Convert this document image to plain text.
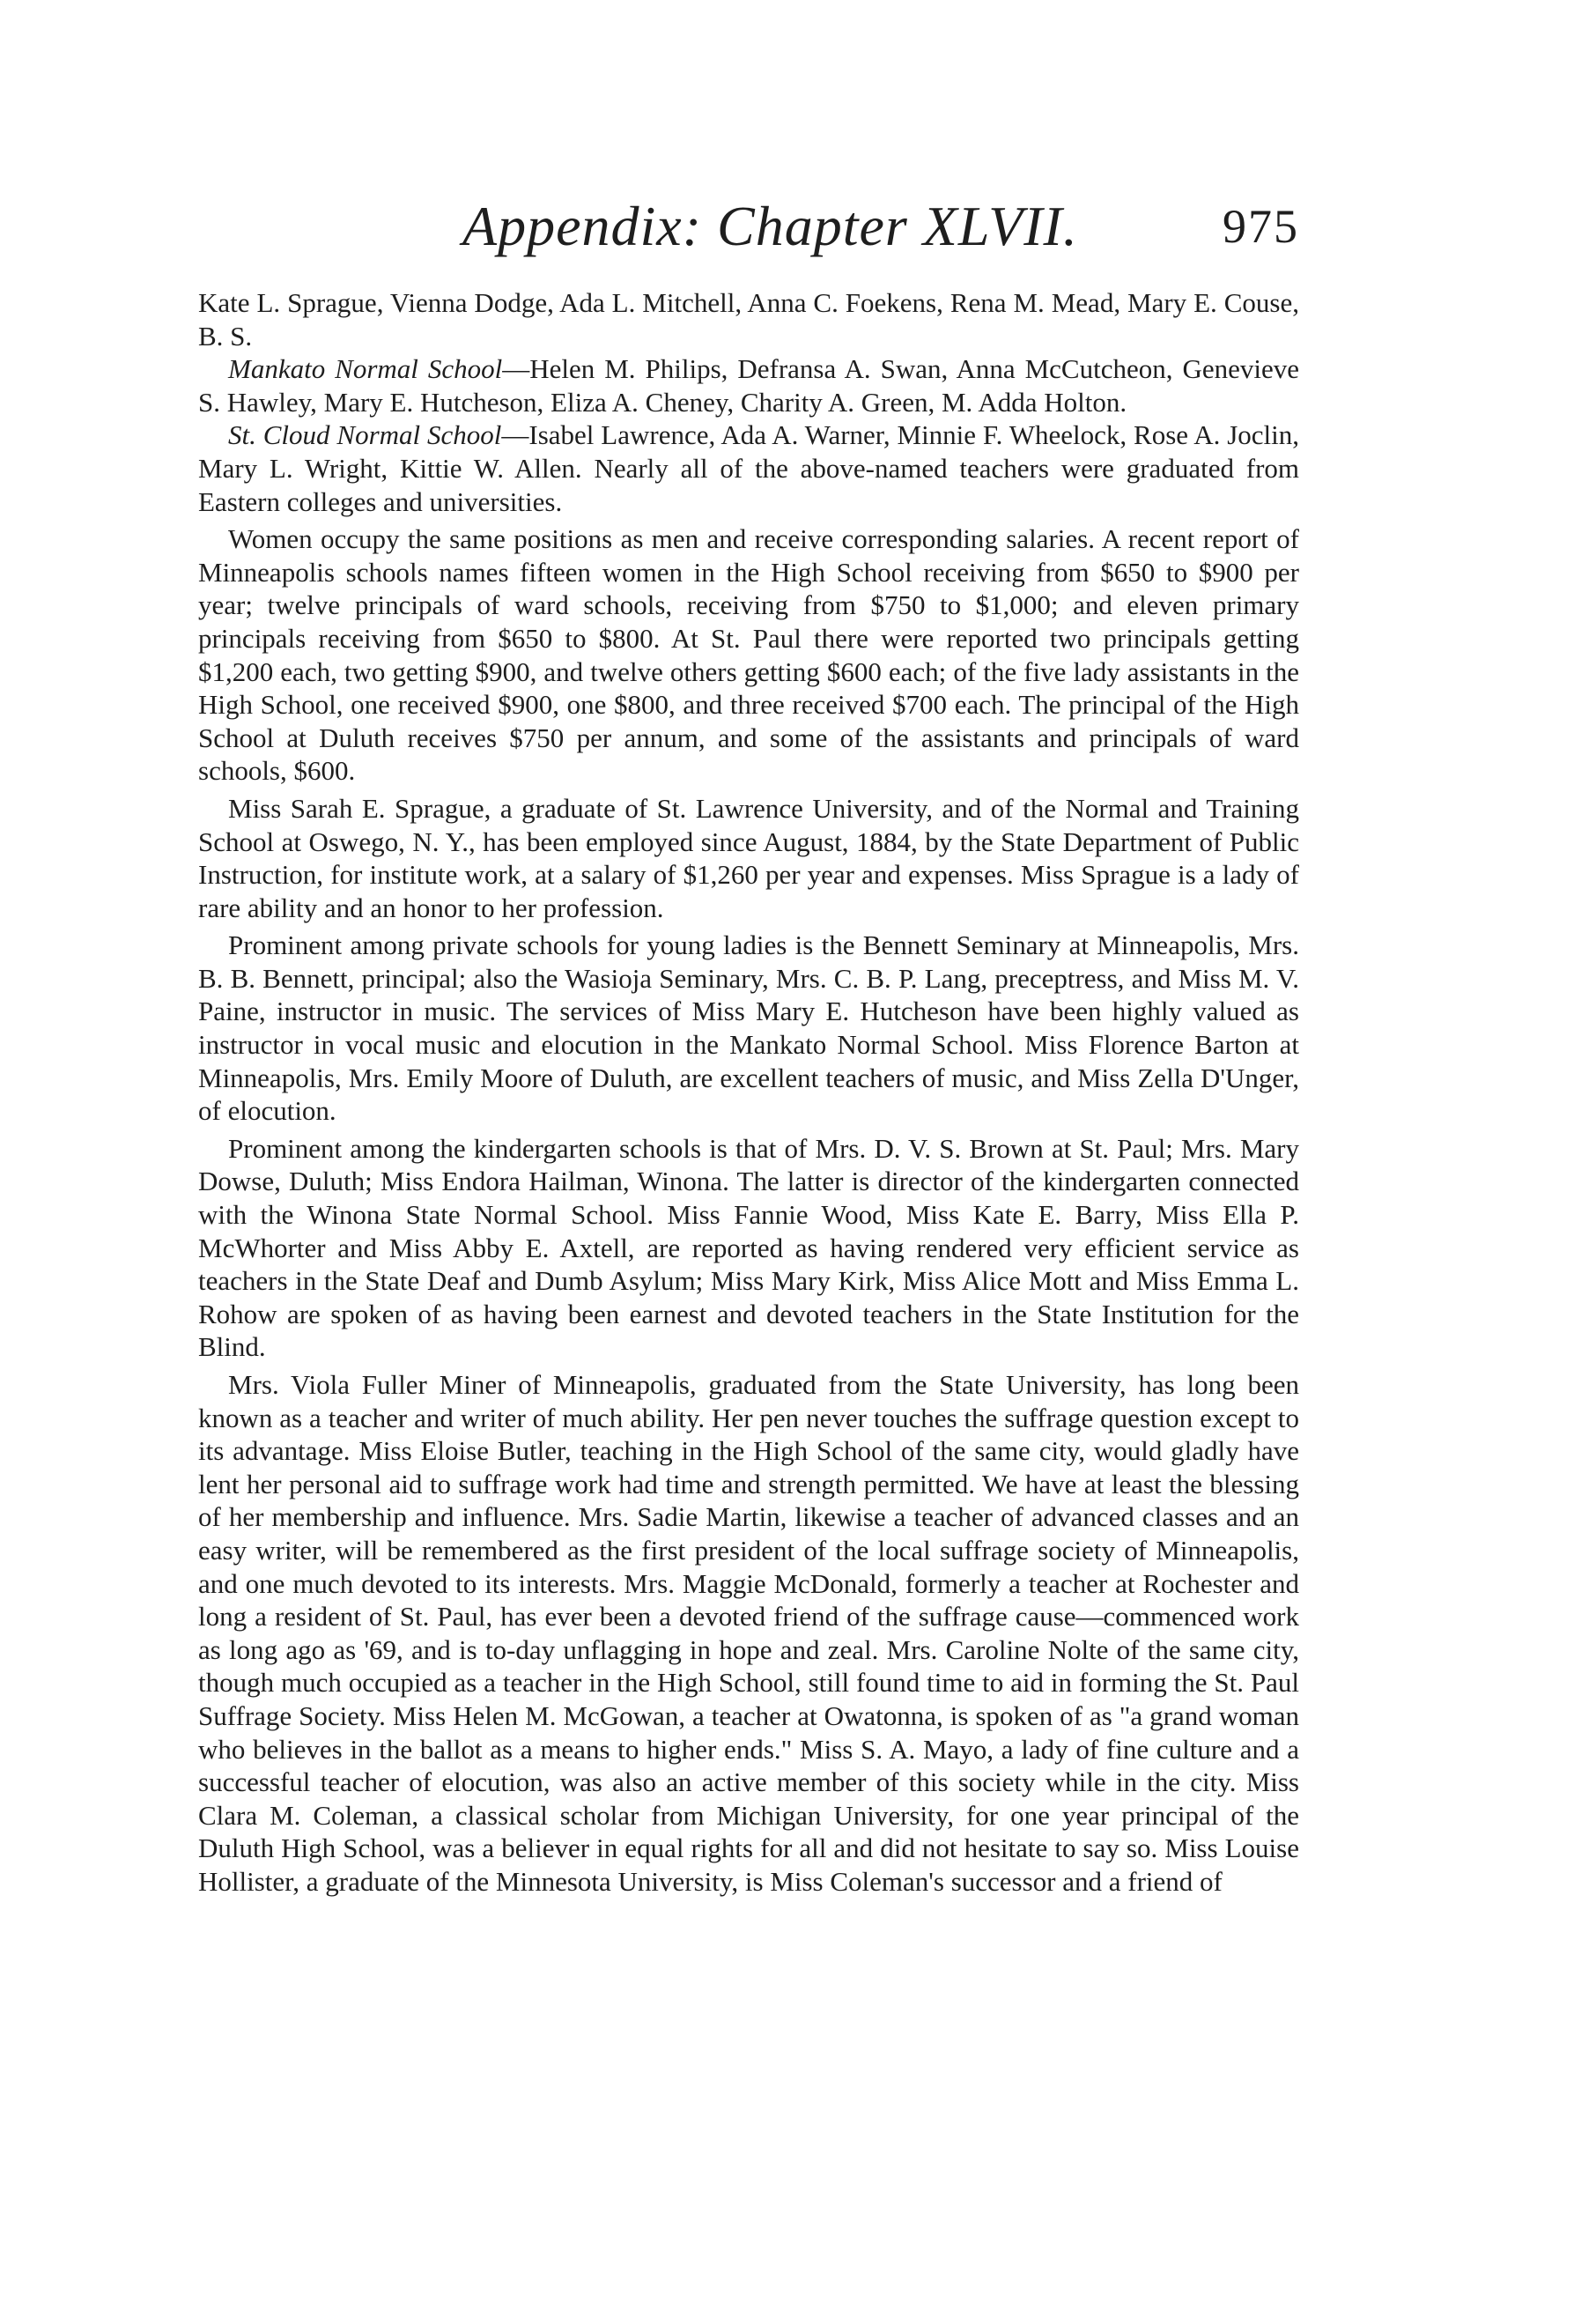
Appendix: Chapter XLVII.	975

Kate L. Sprague, Vienna Dodge, Ada L. Mitchell, Anna C. Foekens, Rena M. Mead, Mary E. Couse, B. S.

Mankato Normal School—Helen M. Philips, Defransa A. Swan, Anna McCutcheon, Genevieve S. Hawley, Mary E. Hutcheson, Eliza A. Cheney, Charity A. Green, M. Adda Holton.

St. Cloud Normal School—Isabel Lawrence, Ada A. Warner, Minnie F. Wheelock, Rose A. Joclin, Mary L. Wright, Kittie W. Allen. Nearly all of the above-named teachers were graduated from Eastern colleges and universities.

Women occupy the same positions as men and receive corresponding salaries. A recent report of Minneapolis schools names fifteen women in the High School receiving from $650 to $900 per year; twelve principals of ward schools, receiving from $750 to $1,000; and eleven primary principals receiving from $650 to $800. At St. Paul there were reported two principals getting $1,200 each, two getting $900, and twelve others getting $600 each; of the five lady assistants in the High School, one received $900, one $800, and three received $700 each. The principal of the High School at Duluth receives $750 per annum, and some of the assistants and principals of ward schools, $600.

Miss Sarah E. Sprague, a graduate of St. Lawrence University, and of the Normal and Training School at Oswego, N. Y., has been employed since August, 1884, by the State Department of Public Instruction, for institute work, at a salary of $1,260 per year and expenses. Miss Sprague is a lady of rare ability and an honor to her profession.

Prominent among private schools for young ladies is the Bennett Seminary at Minneapolis, Mrs. B. B. Bennett, principal; also the Wasioja Seminary, Mrs. C. B. P. Lang, preceptress, and Miss M. V. Paine, instructor in music. The services of Miss Mary E. Hutcheson have been highly valued as instructor in vocal music and elocution in the Mankato Normal School. Miss Florence Barton at Minneapolis, Mrs. Emily Moore of Duluth, are excellent teachers of music, and Miss Zella D'Unger, of elocution.

Prominent among the kindergarten schools is that of Mrs. D. V. S. Brown at St. Paul; Mrs. Mary Dowse, Duluth; Miss Endora Hailman, Winona. The latter is director of the kindergarten connected with the Winona State Normal School. Miss Fannie Wood, Miss Kate E. Barry, Miss Ella P. McWhorter and Miss Abby E. Axtell, are reported as having rendered very efficient service as teachers in the State Deaf and Dumb Asylum; Miss Mary Kirk, Miss Alice Mott and Miss Emma L. Rohow are spoken of as having been earnest and devoted teachers in the State Institution for the Blind.

Mrs. Viola Fuller Miner of Minneapolis, graduated from the State University, has long been known as a teacher and writer of much ability. Her pen never touches the suffrage question except to its advantage. Miss Eloise Butler, teaching in the High School of the same city, would gladly have lent her personal aid to suffrage work had time and strength permitted. We have at least the blessing of her membership and influence. Mrs. Sadie Martin, likewise a teacher of advanced classes and an easy writer, will be remembered as the first president of the local suffrage society of Minneapolis, and one much devoted to its interests. Mrs. Maggie McDonald, formerly a teacher at Rochester and long a resident of St. Paul, has ever been a devoted friend of the suffrage cause—commenced work as long ago as '69, and is to-day unflagging in hope and zeal. Mrs. Caroline Nolte of the same city, though much occupied as a teacher in the High School, still found time to aid in forming the St. Paul Suffrage Society. Miss Helen M. McGowan, a teacher at Owatonna, is spoken of as "a grand woman who believes in the ballot as a means to higher ends." Miss S. A. Mayo, a lady of fine culture and a successful teacher of elocution, was also an active member of this society while in the city. Miss Clara M. Coleman, a classical scholar from Michigan University, for one year principal of the Duluth High School, was a believer in equal rights for all and did not hesitate to say so. Miss Louise Hollister, a graduate of the Minnesota University, is Miss Coleman's successor and a friend of
